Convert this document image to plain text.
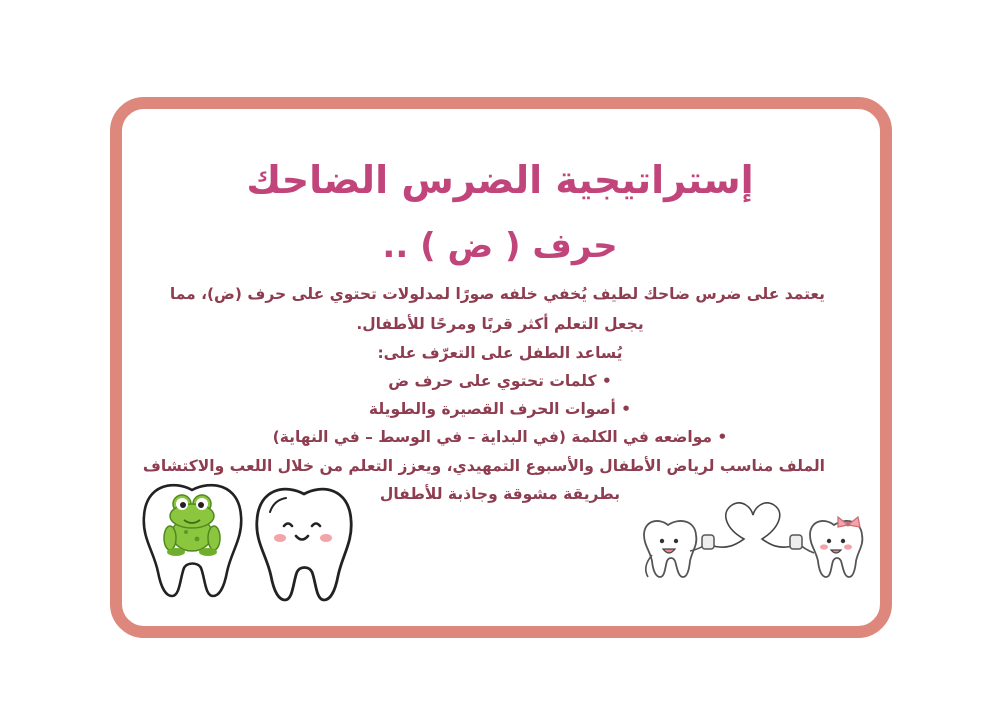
إستراتيجية الضرس الضاحك
حرف ( ض ) ..

يعتمد على ضرس ضاحك لطيف يُخفي خلفه صورًا لمدلولات تحتوي على حرف (ض)، مما

يجعل التعلم أكثر قربًا ومرحًا للأطفال.

يُساعد الطفل على التعرّف على:

• كلمات تحتوي على حرف ض

• أصوات الحرف القصيرة والطويلة

• مواضعه في الكلمة (في البداية – في الوسط – في النهاية)

الملف مناسب لرياض الأطفال والأسبوع التمهيدي، ويعزز التعلم من خلال اللعب والاكتشاف

بطريقة مشوقة وجاذبة للأطفال
